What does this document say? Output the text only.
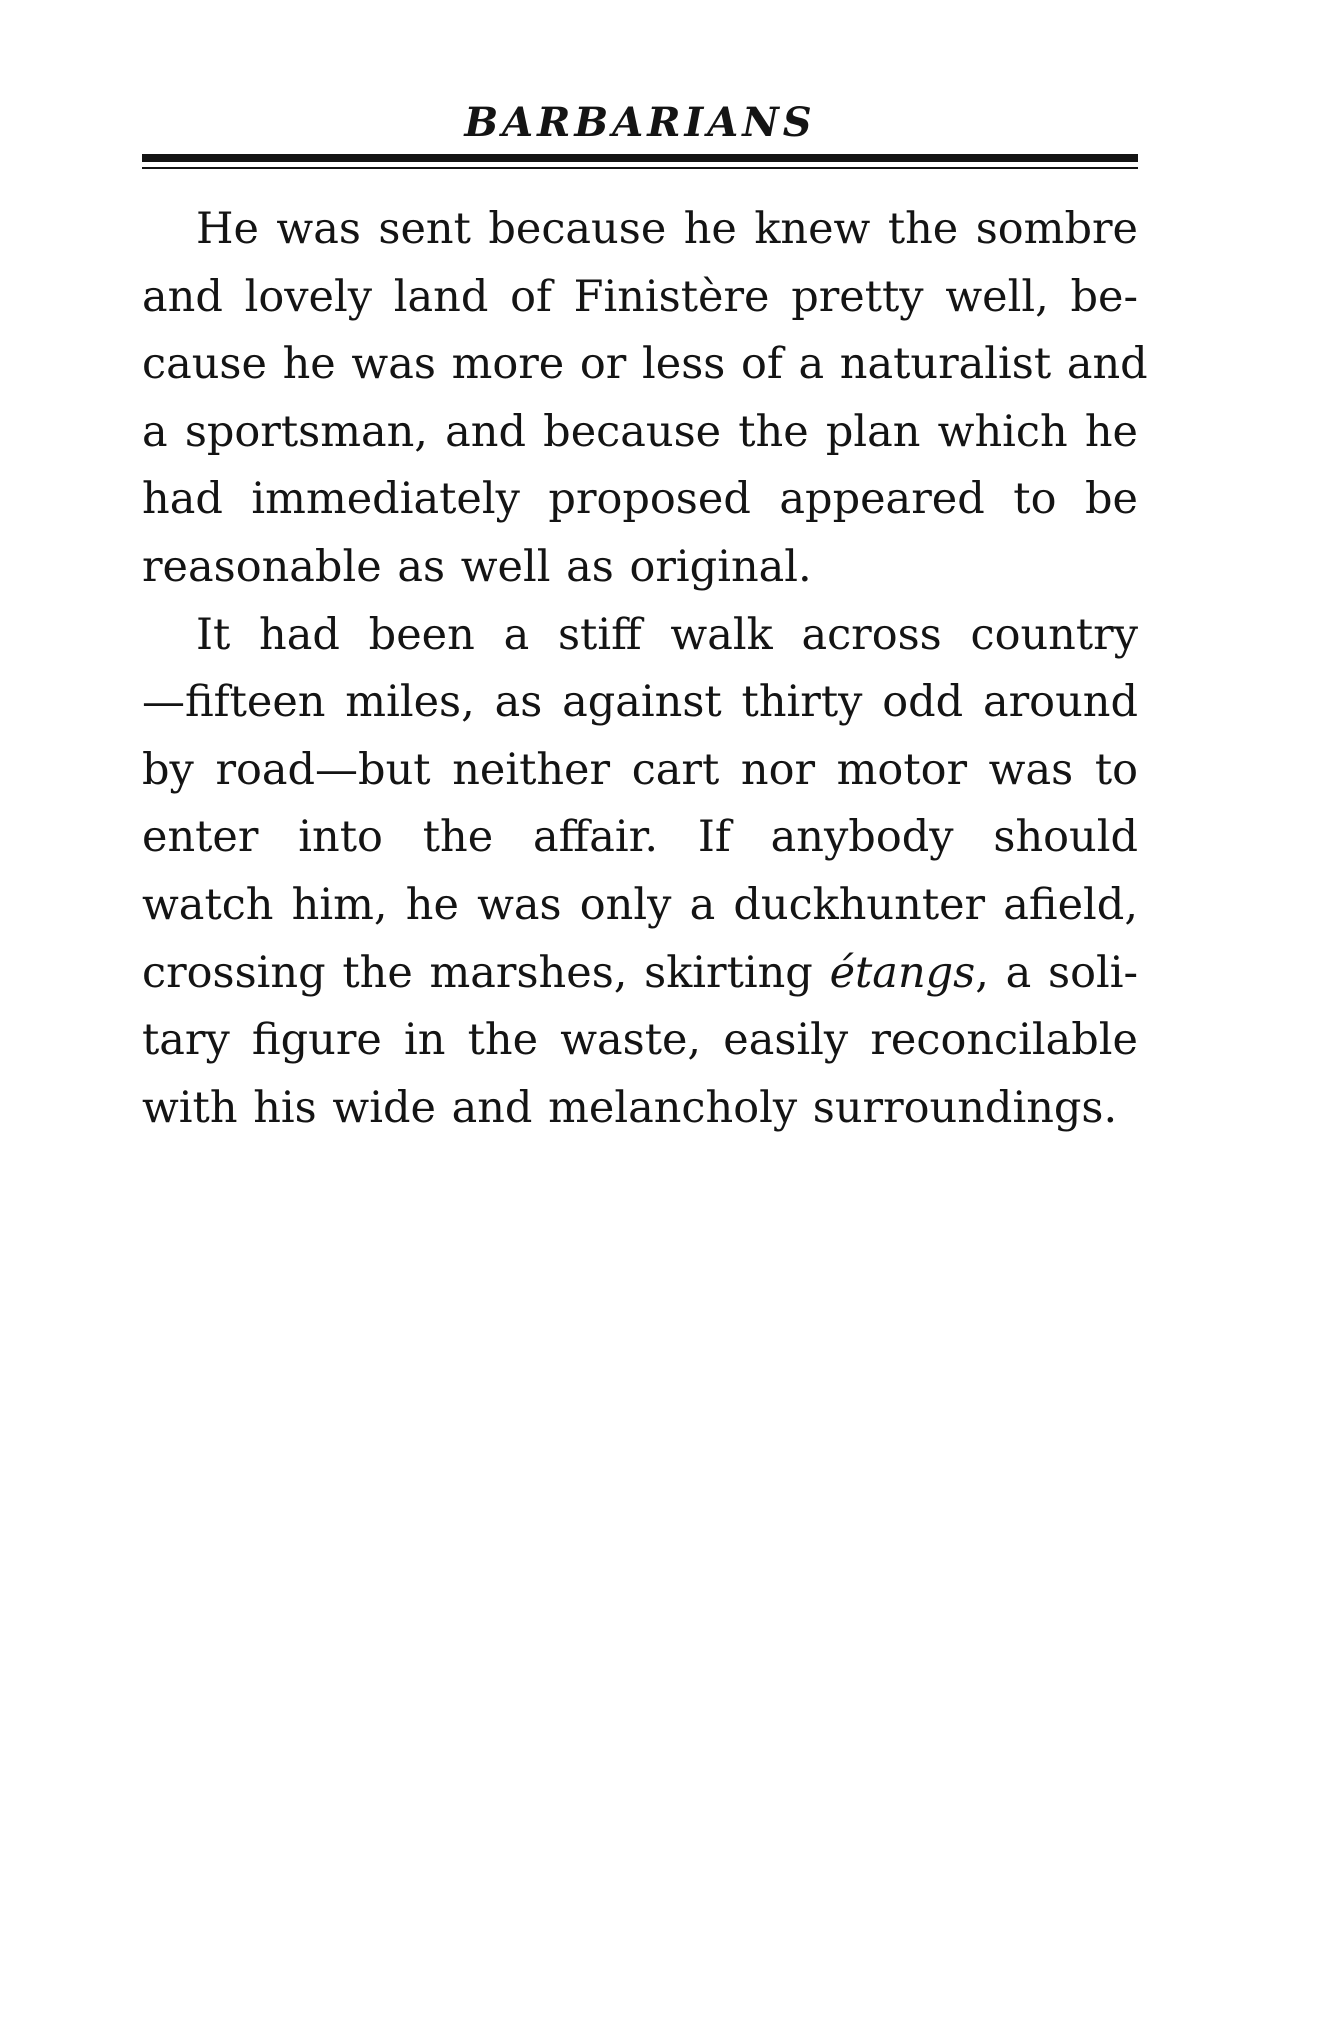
BARBARIANS
He was sent because he knew the sombre
and lovely land of Finistère pretty well, be-
cause he was more or less of a naturalist and
a sportsman, and because the plan which he
had immediately proposed appeared to be
reasonable as well as original.
It had been a stiff walk across country
—fifteen miles, as against thirty odd around
by road—but neither cart nor motor was to
enter into the affair. If anybody should
watch him, he was only a duckhunter afield,
crossing the marshes, skirting étangs, a soli-
tary figure in the waste, easily reconcilable
with his wide and melancholy surroundings.
